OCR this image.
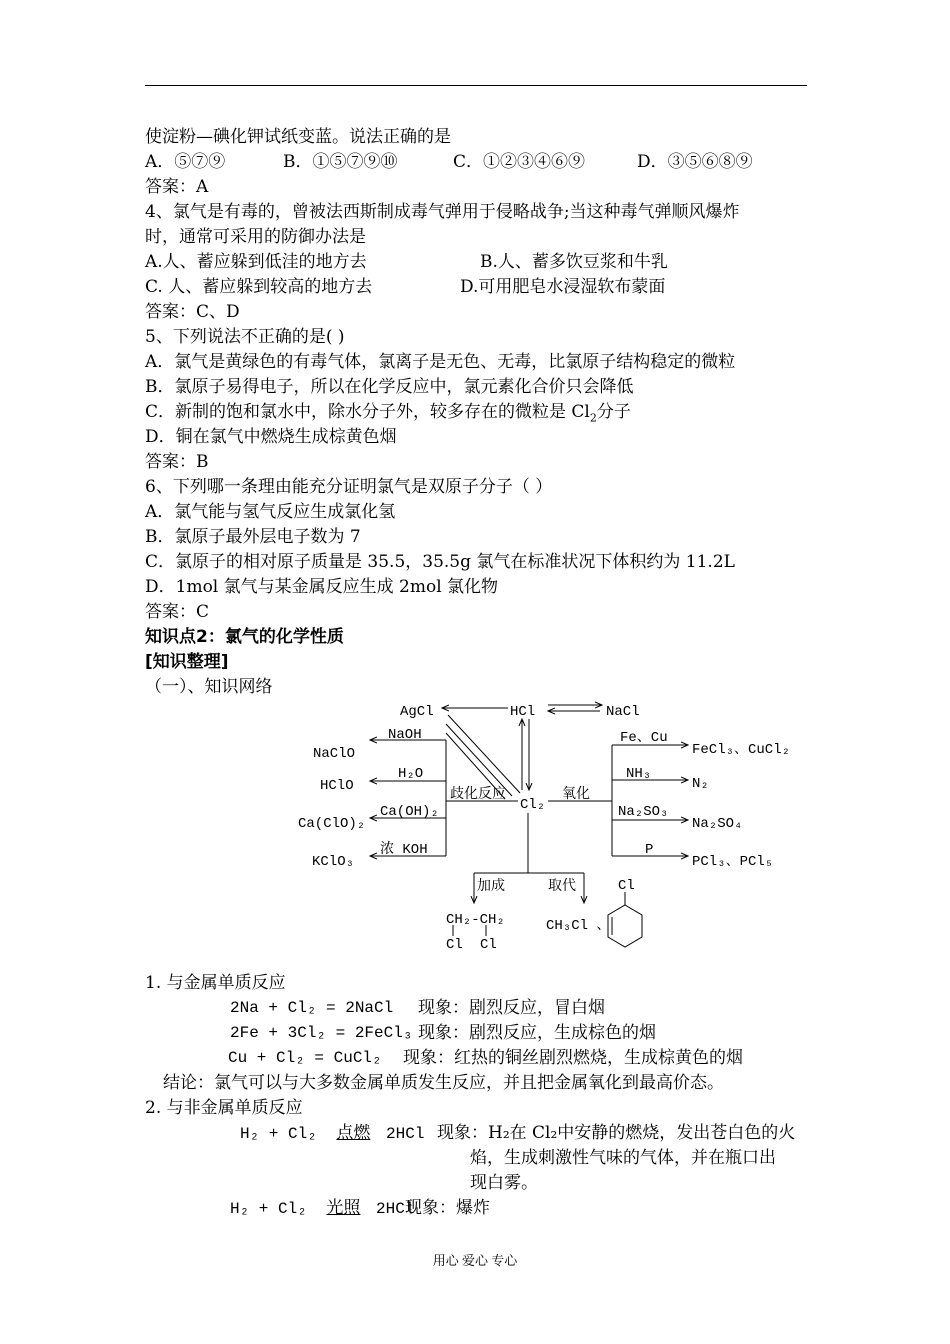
使淀粉—碘化钾试纸变蓝。说法正确的是
A．⑤⑦⑨	B．①⑤⑦⑨⑩	C．①②③④⑥⑨	D．③⑤⑥⑧⑨
答案：A
4、氯气是有毒的，曾被法西斯制成毒气弹用于侵略战争;当这种毒气弹顺风爆炸
时，通常可采用的防御办法是
A.人、蓄应躲到低洼的地方去	B.人、蓄多饮豆浆和牛乳
C. 人、蓄应躲到较高的地方去	D.可用肥皂水浸湿软布蒙面
答案：C、D
5、下列说法不正确的是( )
A．氯气是黄绿色的有毒气体，氯离子是无色、无毒，比氯原子结构稳定的微粒
B．氯原子易得电子，所以在化学反应中，氯元素化合价只会降低
C．新制的饱和氯水中，除水分子外，较多存在的微粒是 $Cl_2$分子
D．铜在氯气中燃烧生成棕黄色烟
答案：B
6、下列哪一条理由能充分证明氯气是双原子分子（ ）
A．氯气能与氢气反应生成氯化氢
B．氯原子最外层电子数为 7
C．氯原子的相对原子质量是 35.5，35.5g 氯气在标准状况下体积约为 11.2L
D．1mol 氯气与某金属反应生成 2mol 氯化物
答案：C
知识点2：氯气的化学性质
[知识整理]
（一）、知识网络
AgCl	HCl	NaCl
NaClO
NaOH
HClO
H₂O
Ca(ClO)₂
Ca(OH)₂
KClO₃
浓 KOH
歧化反应
Cl₂
氧化
Fe、Cu
FeCl₃、CuCl₂
NH₃
N₂
Na₂SO₃
Na₂SO₄
P
PCl₃、PCl₅
加成	取代
CH₂-CH₂
Cl Cl
CH₃Cl 、
Cl
1. 与金属单质反应
2Na + Cl₂ = 2NaCl 现象：剧烈反应，冒白烟
2Fe + 3Cl₂ = 2FeCl₃ 现象：剧烈反应，生成棕色的烟
Cu + Cl₂ = CuCl₂ 现象：红热的铜丝剧烈燃烧，生成棕黄色的烟
结论：氯气可以与大多数金属单质发生反应，并且把金属氧化到最高价态。
2. 与非金属单质反应
H₂ + Cl₂ 点燃 2HCl 现象：H₂在 Cl₂中安静的燃烧，发出苍白色的火
焰，生成刺激性气味的气体，并在瓶口出
现白雾。
H₂ + Cl₂ 光照 2HCl
现象：爆炸
用心 爱心 专心
